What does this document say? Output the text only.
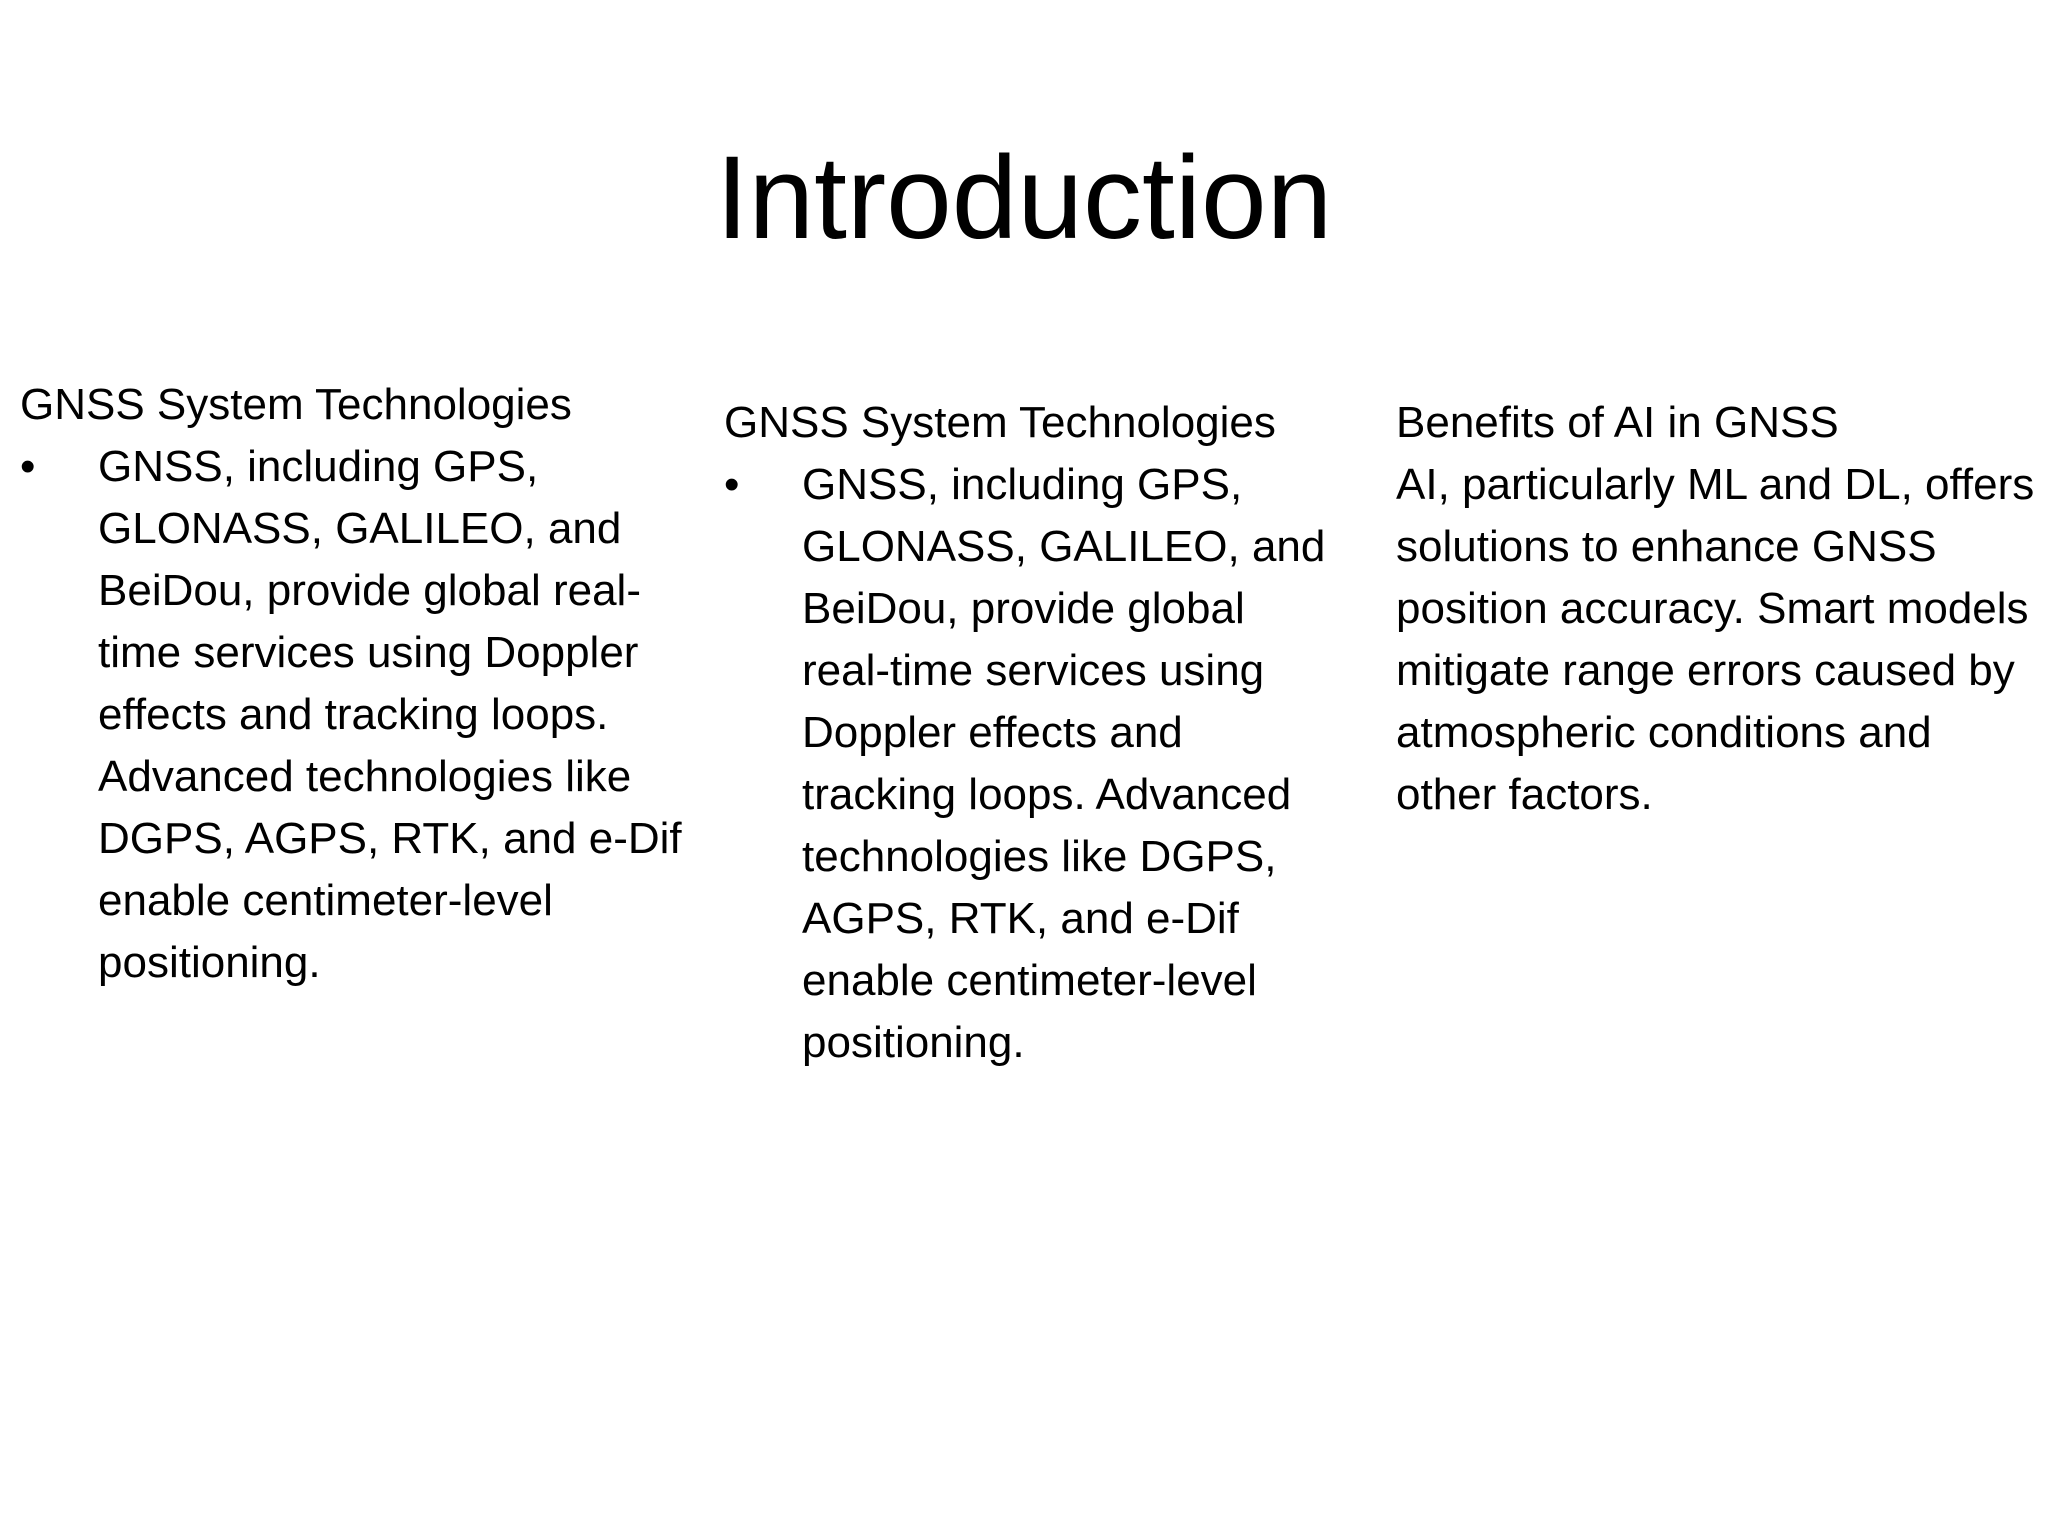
Introduction

GNSS System Technologies

•	GNSS, including GPS, GLONASS, GALILEO, and BeiDou, provide global real-time services using Doppler effects and tracking loops. Advanced technologies like DGPS, AGPS, RTK, and e-Dif enable centimeter-level positioning.

GNSS System Technologies

•	GNSS, including GPS, GLONASS, GALILEO, and BeiDou, provide global real-time services using Doppler effects and tracking loops. Advanced technologies like DGPS, AGPS, RTK, and e-Dif enable centimeter-level positioning.

Benefits of AI in GNSS

AI, particularly ML and DL, offers solutions to enhance GNSS position accuracy. Smart models mitigate range errors caused by atmospheric conditions and other factors.
